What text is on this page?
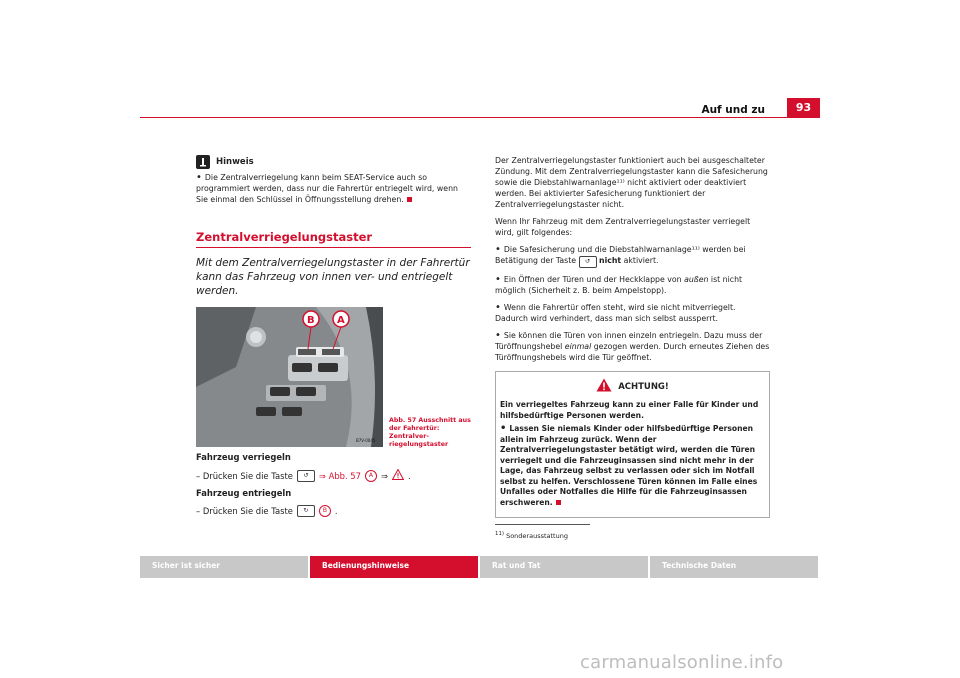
Auf und zu	93
Hinweis

• Die Zentralverriegelung kann beim SEAT-Service auch so programmiert werden, dass nur die Fahrertür entriegelt wird, wenn Sie einmal den Schlüssel in Öffnungsstellung drehen.

Zentralverriegelungstaster
Mit dem Zentralverriegelungstaster in der Fahrertür kann das Fahrzeug von innen ver- und entriegelt werden.
B A
B7V-0045
Fahrzeug verriegeln
– Drücken Sie die Taste	↺	⇒ Abb. 57	A ⇒ .
Fahrzeug entriegeln
– Drücken Sie die Taste	↻	B .
Abb. 57 Ausschnitt aus der Fahrertür: Zentralver-riegelungstaster

Der Zentralverriegelungstaster funktioniert auch bei ausgeschalteter Zündung. Mit dem Zentralverriegelungstaster kann die Safesicherung sowie die Diebstahlwarnanlage¹¹⁾ nicht aktiviert oder deaktiviert werden. Bei aktivierter Safesicherung funktioniert der Zentralverriegelungstaster nicht.

Wenn Ihr Fahrzeug mit dem Zentralverriegelungstaster verriegelt wird, gilt folgendes:

• Die Safesicherung und die Diebstahlwarnanlage¹¹⁾ werden bei Betätigung der Taste ↺ nicht aktiviert.

• Ein Öffnen der Türen und der Heckklappe von außen ist nicht möglich (Sicherheit z. B. beim Ampelstopp).

• Wenn die Fahrertür offen steht, wird sie nicht mitverriegelt. Dadurch wird verhindert, dass man sich selbst aussperrt.

• Sie können die Türen von innen einzeln entriegeln. Dazu muss der Türöffnungshebel einmal gezogen werden. Durch erneutes Ziehen des Türöffnungshebels wird die Tür geöffnet.

ACHTUNG!

Ein verriegeltes Fahrzeug kann zu einer Falle für Kinder und hilfsbedürftige Personen werden.

• Lassen Sie niemals Kinder oder hilfsbedürftige Personen allein im Fahrzeug zurück. Wenn der Zentralverriegelungstaster betätigt wird, werden die Türen verriegelt und die Fahrzeuginsassen sind nicht mehr in der Lage, das Fahrzeug selbst zu verlassen oder sich im Notfall selbst zu helfen. Verschlossene Türen können im Falle eines Unfalles oder Notfalles die Hilfe für die Fahrzeuginsassen erschweren.

$^{11)}$ Sonderausstattung
Sicher ist sicher	Bedienungshinweise	Rat und Tat	Technische Daten
carmanualsonline.info
